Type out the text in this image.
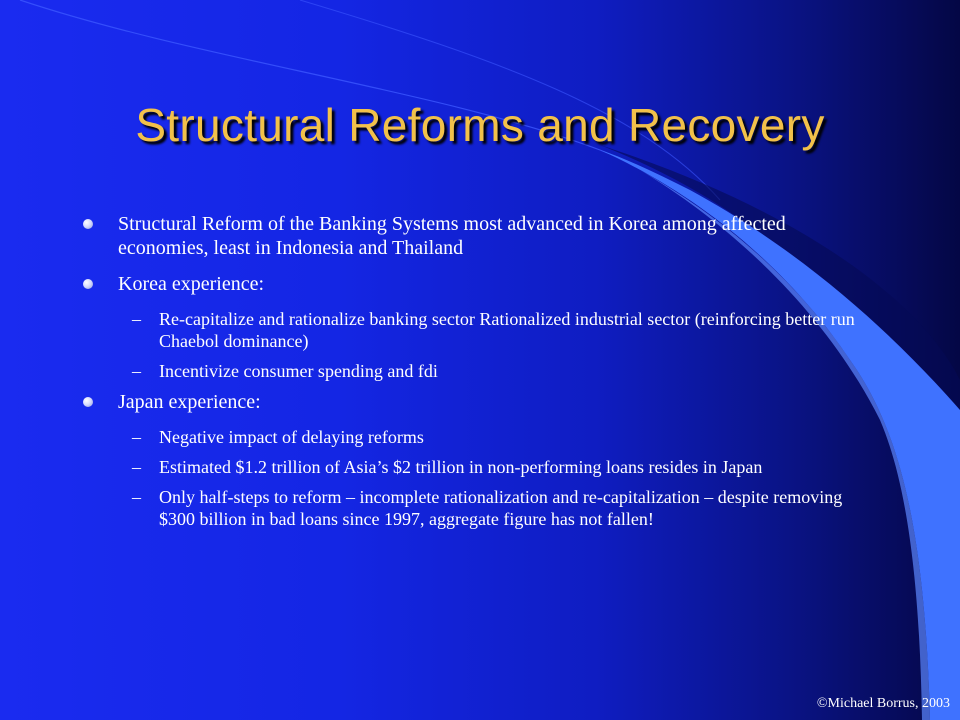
Structural Reforms and Recovery
Structural Reform of the Banking Systems most advanced in Korea among affected economies, least in Indonesia and Thailand
Korea experience:
– Re-capitalize and rationalize banking sector Rationalized industrial sector (reinforcing better run Chaebol dominance)
– Incentivize consumer spending and fdi
Japan experience:
– Negative impact of delaying reforms
– Estimated $1.2 trillion of Asia’s $2 trillion in non-performing loans resides in Japan
– Only half-steps to reform – incomplete rationalization and re-capitalization – despite removing $300 billion in bad loans since 1997, aggregate figure has not fallen!
©Michael Borrus, 2003
